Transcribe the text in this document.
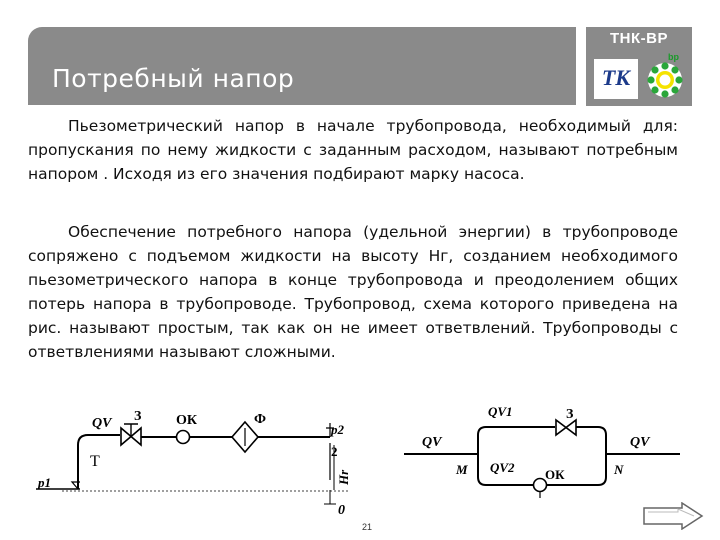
Потребный напор
ТНК-ВР
ТК
bp

Пьезометрический напор в начале трубопровода, необходимый для: пропускания по нему жидкости с заданным расходом, называют потребным напором . Исходя из его значения подбирают марку насоса.

Обеспечение потребного напора (удельной энергии) в трубопроводе сопряжено с подъемом жидкости на высоту Нг, созданием необходимого пьезометрического напора в конце трубопровода и преодолением общих потерь напора в трубопроводе. Трубопровод, схема которого приведена на рис. называют простым, так как он не имеет ответвлений. Трубопроводы с ответвлениями называют сложными.

QV З ОК	Ф
Т
p1
p2
2
Hr
0
QV1
QV2
QV	QV
З
ОК
M	N
21
